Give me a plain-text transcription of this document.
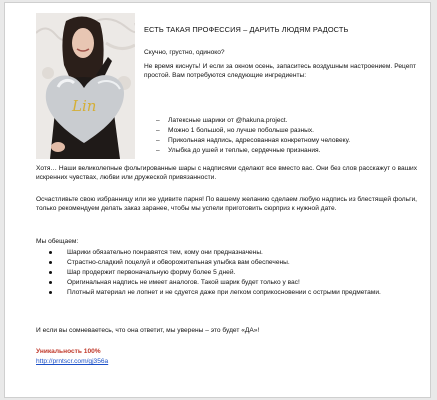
Lin
ЕСТЬ ТАКАЯ ПРОФЕССИЯ – ДАРИТЬ ЛЮДЯМ РАДОСТЬ

Скучно, грустно, одиноко?

Не время киснуть! И если за окном осень, запаситесь воздушным настроением. Рецепт простой. Вам потребуются следующие ингредиенты:

– Латексные шарики от @hakuna.project.
– Можно 1 большой, но лучше побольше разных.
– Прикольная надпись, адресованная конкретному человеку.
– Улыбка до ушей и теплые, сердечные признания.

Хотя… Наши великолепные фольгированные шары с надписями сделают все вместо вас. Они без слов расскажут о ваших искренних чувствах, любви или дружеской привязанности.

Осчастливьте свою избранницу или же удивите парня! По вашему желанию сделаем любую надпись из блестящей фольги, только рекомендуем делать заказ заранее, чтобы мы успели приготовить сюрприз к нужной дате.

Мы обещаем:

Шарики обязательно понравятся тем, кому они предназначены.
Страстно-сладкий поцелуй и обворожительная улыбка вам обеспечены.
Шар продержит первоначальную форму более 5 дней.
Оригинальная надпись не имеет аналогов. Такой шарик будет только у вас!
Плотный материал не лопнет и не сдуется даже при легком соприкосновении с острыми предметами.

И если вы сомневаетесь, что она ответит, мы уверены – это будет «ДА»!

Уникальность 100%
http://prntscr.com/gj356a
